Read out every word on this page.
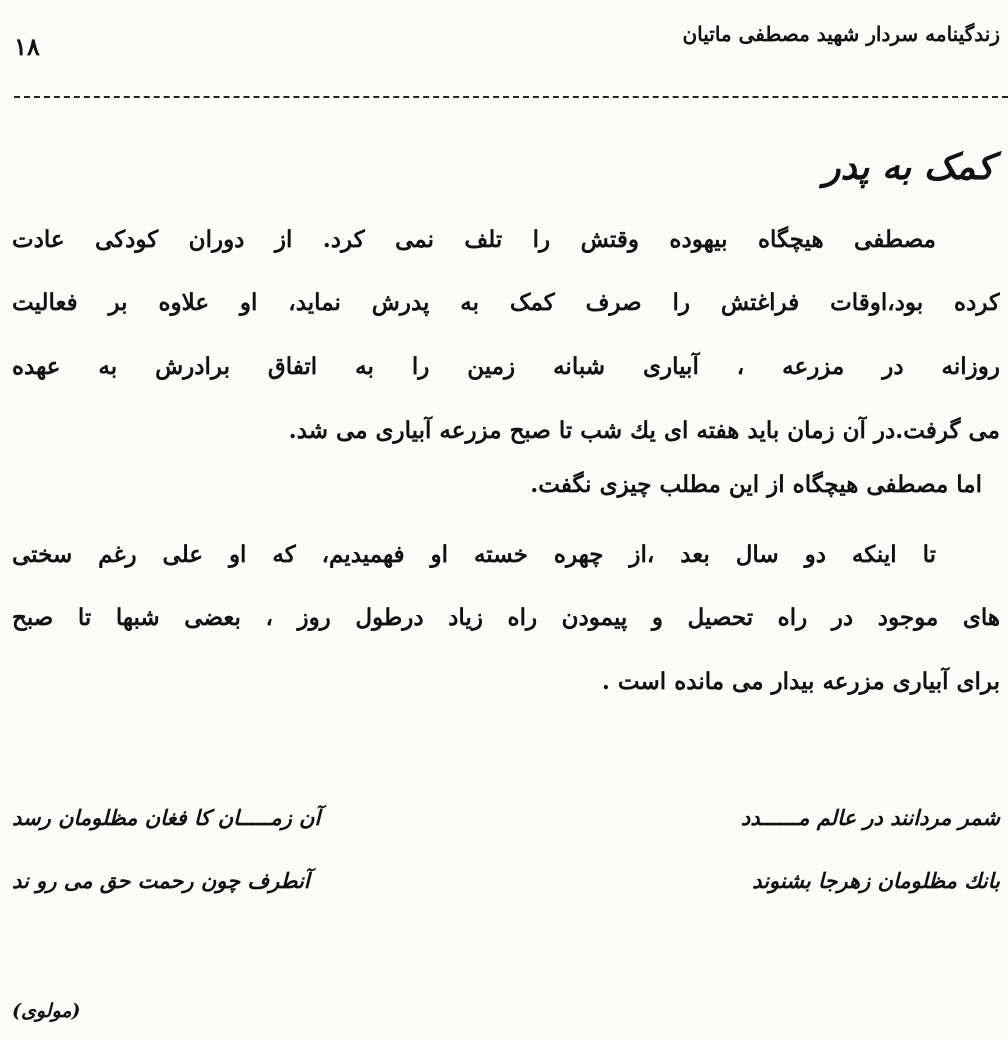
۱۸	زندگینامه سردار شهید مصطفی ماتیان
کمک به پدر
مصطفی هیچگاه بیهوده وقتش را تلف نمی کرد. از دوران کودکی عادت
کرده بود،اوقات فراغتش را صرف کمک به پدرش نماید، او علاوه بر فعالیت
روزانه در مزرعه ، آبیاری شبانه زمین را به اتفاق برادرش به عهده
می گرفت.در آن زمان باید هفته ای یك شب تا صبح مزرعه آبیاری می شد.
اما مصطفی هیچگاه از این مطلب چیزی نگفت.
تا اینکه دو سال بعد ،از چهره خسته او فهمیدیم، که او علی رغم سختی
های موجود در راه تحصیل و پیمودن راه زیاد درطول روز ، بعضی شبها تا صبح
برای آبیاری مزرعه بیدار می مانده است .
شمر مردانند در عالم مــــــدد
آن زمـــــان کا فغان مظلومان رسد
بانك مظلومان زهرجا بشنوند
آنطرف چون رحمت حق می رو ند
(مولوی)
